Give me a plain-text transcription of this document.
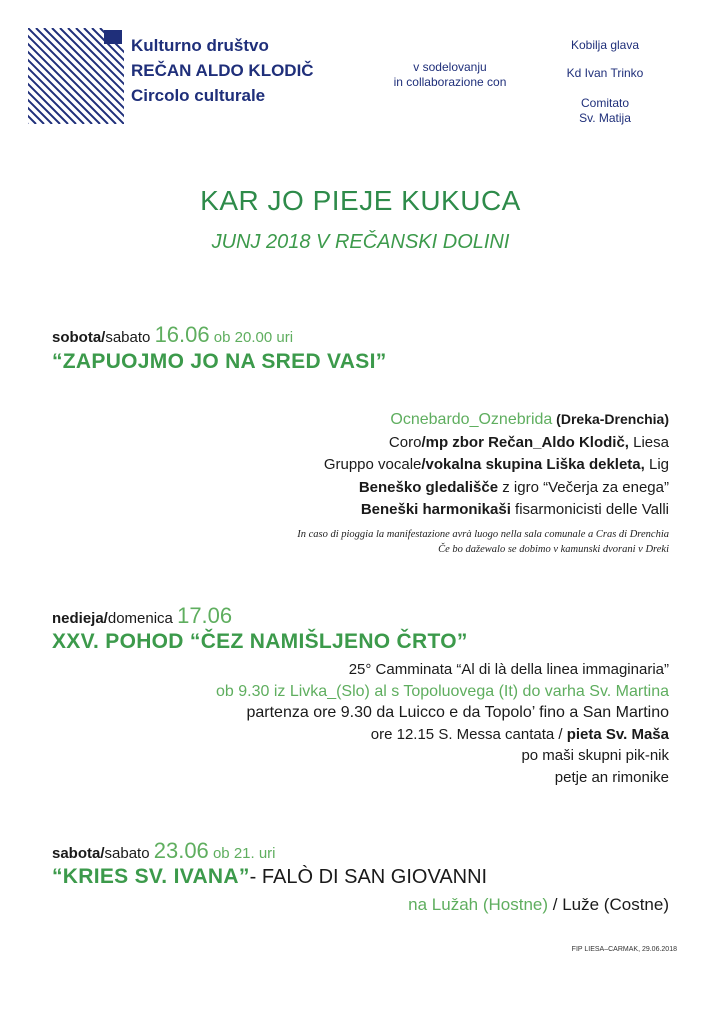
Kulturno društvo
REČAN ALDO KLODIČ
Circolo culturale
v sodelovanju
in collaborazione con
Kobilja glava
Kd Ivan Trinko
Comitato
Sv. Matija
KAR JO PIEJE KUKUCA
JUNJ 2018 V REČANSKI DOLINI
sobota/sabato 16.06 ob 20.00 uri
“ZAPUOJMO JO NA SRED VASI”
Ocnebardo_Oznebrida (Dreka-Drenchia)
Coro/mp zbor Rečan_Aldo Klodič, Liesa
Gruppo vocale/vokalna skupina Liška dekleta, Lig
Beneško gledališče z igro “Večerja za enega”
Beneški harmonikaši fisarmonicisti delle Valli
In caso di pioggia la manifestazione avrà luogo nella sala comunale a Cras di Drenchia
Če bo dažewalo se dobimo v kamunski dvorani v Dreki
nedieja/domenica 17.06
XXV. POHOD “ČEZ NAMIŠLJENO ČRTO”
25° Camminata “Al di là della linea immaginaria”
ob 9.30 iz Livka_(Slo) al s Topoluovega (It) do varha Sv. Martina
partenza ore 9.30 da Luicco e da Topolo’ fino a San Martino
ore 12.15 S. Messa cantata / pieta Sv. Maša
po maši skupni pik-nik
petje an rimonike
sabota/sabato 23.06 ob 21. uri
“KRIES SV. IVANA”- FALÒ DI SAN GIOVANNI
na Lužah (Hostne) / Luže (Costne)
FIP LIESA–CARMAK, 29.06.2018
